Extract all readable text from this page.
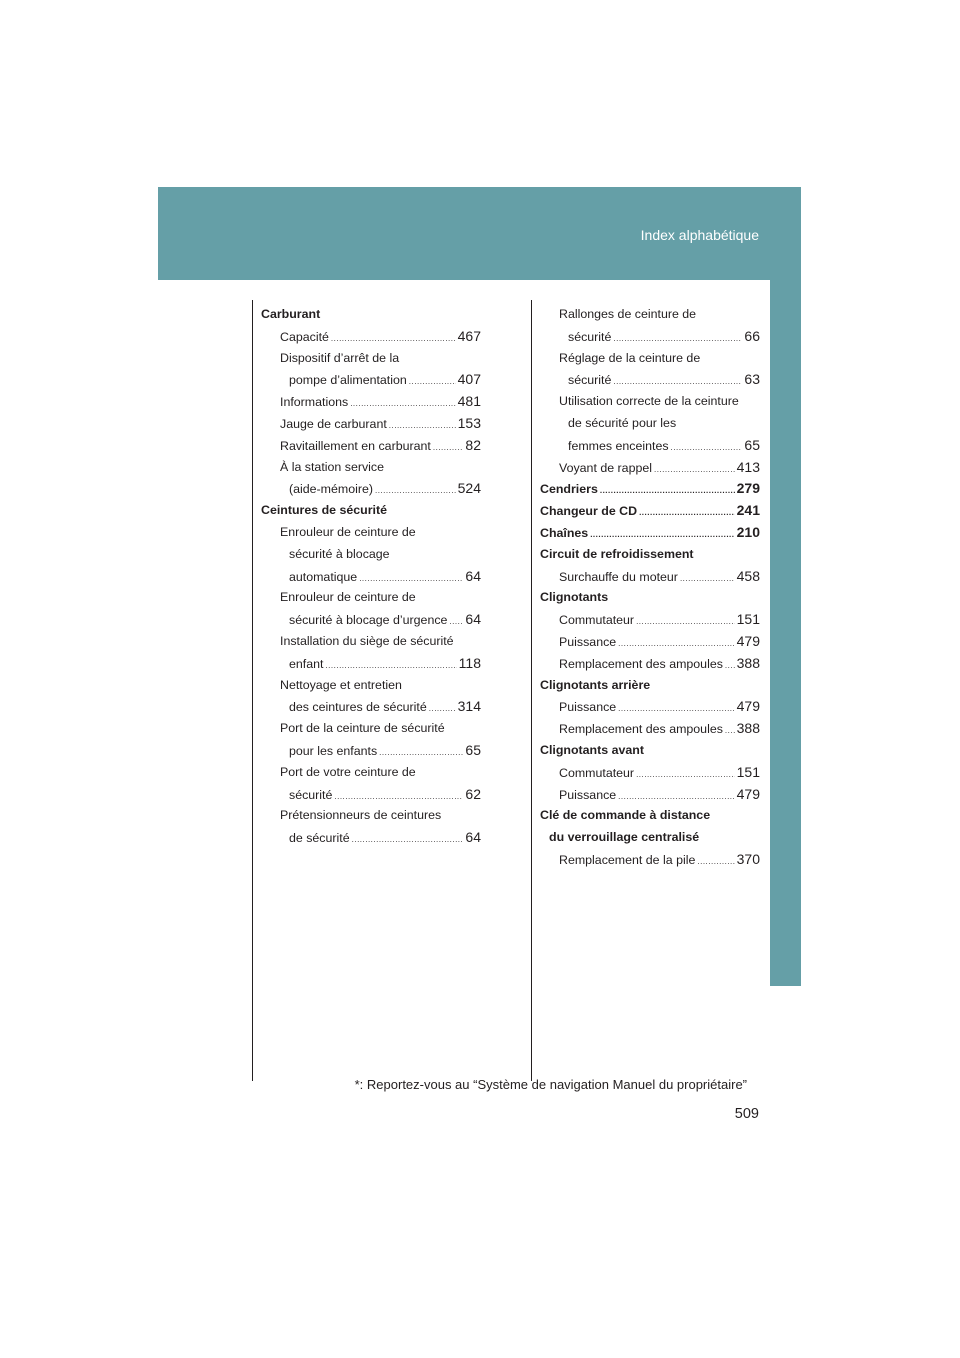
Index alphabétique
Carburant
Capacité .....	467
Dispositif d’arrêt de la
pompe d’alimentation .....	407
Informations .....	481
Jauge de carburant .....	153
Ravitaillement en carburant ..... 82
À la station service
(aide-mémoire) .....	524
Ceintures de sécurité
Enrouleur de ceinture de
sécurité à blocage
automatique .....	64
Enrouleur de ceinture de
sécurité à blocage d’urgence ..... 64
Installation du siège de sécurité
enfant .....	118
Nettoyage et entretien
des ceintures de sécurité ..... 314
Port de la ceinture de sécurité
pour les enfants .....	65
Port de votre ceinture de
sécurité .....	62
Prétensionneurs de ceintures
de sécurité .....	64
Rallonges de ceinture de
sécurité .....	66
Réglage de la ceinture de
sécurité .....	63
Utilisation correcte de la ceinture
de sécurité pour les
femmes enceintes .....	65
Voyant de rappel .....	413
Cendriers .....	279
Changeur de CD .....	241
Chaînes .....	210
Circuit de refroidissement
Surchauffe du moteur .....	458
Clignotants
Commutateur .....	151
Puissance .....	479
Remplacement des ampoules ..... 388
Clignotants arrière
Puissance .....	479
Remplacement des ampoules ..... 388
Clignotants avant
Commutateur .....	151
Puissance .....	479
Clé de commande à distance
du verrouillage centralisé
Remplacement de la pile .....	370
*: Reportez-vous au “Système de navigation Manuel du propriétaire”
509
